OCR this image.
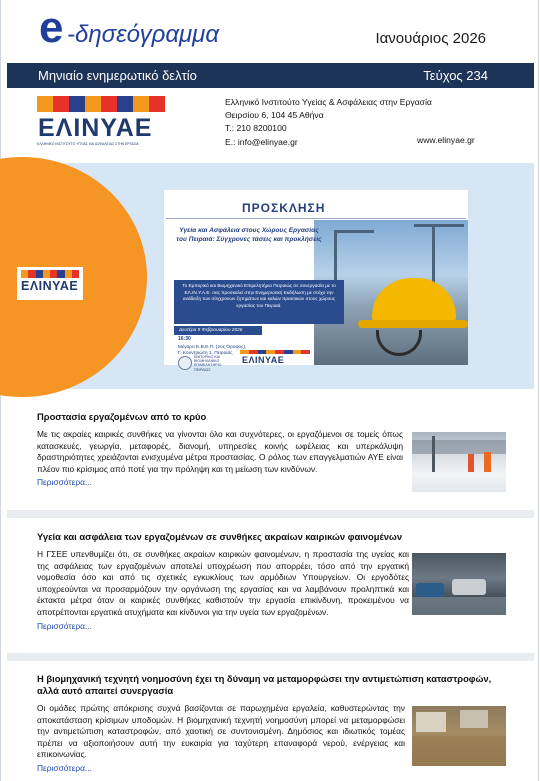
e -δησεόγραμμα	Ιανουάριος 2026
Μηνιαίο ενημερωτικό δελτίο	Τεύχος 234
ΕΛΙΝΥΑΕ
ΕΛΛΗΝΙΚΟ ΙΝΣΤΙΤΟΥΤΟ ΥΓΕΙΑΣ ΚΑΙ ΑΣΦΑΛΕΙΑΣ ΣΤΗΝ ΕΡΓΑΣΙΑ
Ελληνικό Ινστιτούτο Υγείας & Ασφάλειας στην Εργασία
Θειρσίου 6, 104 45 Αθήνα
Τ.: 210 8200100
Ε.: info@elinyae.gr	www.elinyae.gr
ΕΛΙΝΥΑΕ
ΠΡΟΣΚΛΗΣΗ
Υγεία και Ασφάλεια στους Χώρους Εργασίας του Πειραιά: Σύγχρονες τάσεις και προκλήσεις
Το Εμπορικό και Βιομηχανικό Επιμελητήριο Πειραιώς σε συνεργασία με το ΕΛ.ΙΝ.Υ.Α.Ε. σας προσκαλεί στην Ενημερωτική Εκδήλωση με στόχο την ανάδειξη των σύγχρονων ζητημάτων και καλών πρακτικών στους χώρους εργασίας του Πειραιά.
Δευτέρα 9 Φεβρουαρίου 2026
16:30
Μέγαρο Ε.Β.Ε.Π. (2ος Όροφος),
Γ. Κουντριώτη 1, Πειραιάς
ΕΜΠΟΡΙΚΟ ΚΑΙ ΒΙΟΜΗΧΑΝΙΚΟ ΕΠΙΜΕΛΗΤΗΡΙΟ ΠΕΙΡΑΙΩΣ
ΕΛΙΝΥΑΕ
Προστασία εργαζομένων από το κρύο

Με τις ακραίες καιρικές συνθήκες να γίνονται όλο και συχνότερες, οι εργαζόμενοι σε τομείς όπως κατασκευές, γεωργία, μεταφορές, διανομή, υπηρεσίες κοινής ωφέλειας και υπερκάλυψη δραστηριότητες χρειάζονται ενισχυμένα μέτρα προστασίας. Ο ρόλος των επαγγελματιών ΑΥΕ είναι πλέον πιο κρίσιμος από ποτέ για την πρόληψη και τη μείωση των κινδύνων.

Περισσότερα...
Υγεία και ασφάλεια των εργαζομένων σε συνθήκες ακραίων καιρικών φαινομένων

Η ΓΣΕΕ υπενθυμίζει ότι, σε συνθήκες ακραίων καιρικών φαινομένων, η προστασία της υγείας και της ασφάλειας των εργαζομένων αποτελεί υποχρέωση που απορρέει, τόσο από την εργατική νομοθεσία όσο και από τις σχετικές εγκυκλίους των αρμόδιων Υπουργείων. Οι εργοδότες υποχρεούνται να προσαρμόζουν την οργάνωση της εργασίας και να λαμβάνουν προληπτικά και έκτακτα μέτρα όταν οι καιρικές συνθήκες καθιστούν την εργασία επικίνδυνη, προκειμένου να αποτρέπονται εργατικά ατυχήματα και κίνδυνοι για την υγεία των εργαζομένων.

Περισσότερα...
Η βιομηχανική τεχνητή νοημοσύνη έχει τη δύναμη να μεταμορφώσει την αντιμετώπιση καταστροφών, αλλά αυτό απαιτεί συνεργασία

Οι ομάδες πρώτης απόκρισης συχνά βασίζονται σε παρωχημένα εργαλεία, καθυστερώντας την αποκατάσταση κρίσιμων υποδομών. Η βιομηχανική τεχνητή νοημοσύνη μπορεί να μεταμορφώσει την αντιμετώπιση καταστροφών, από χαοτική σε συντονισμένη. Δημόσιος και ιδιωτικός τομέας πρέπει να αξιοποιήσουν αυτή την ευκαιρία για ταχύτερη επαναφορά νερού, ενέργειας και επικοινωνίας.

Περισσότερα...
